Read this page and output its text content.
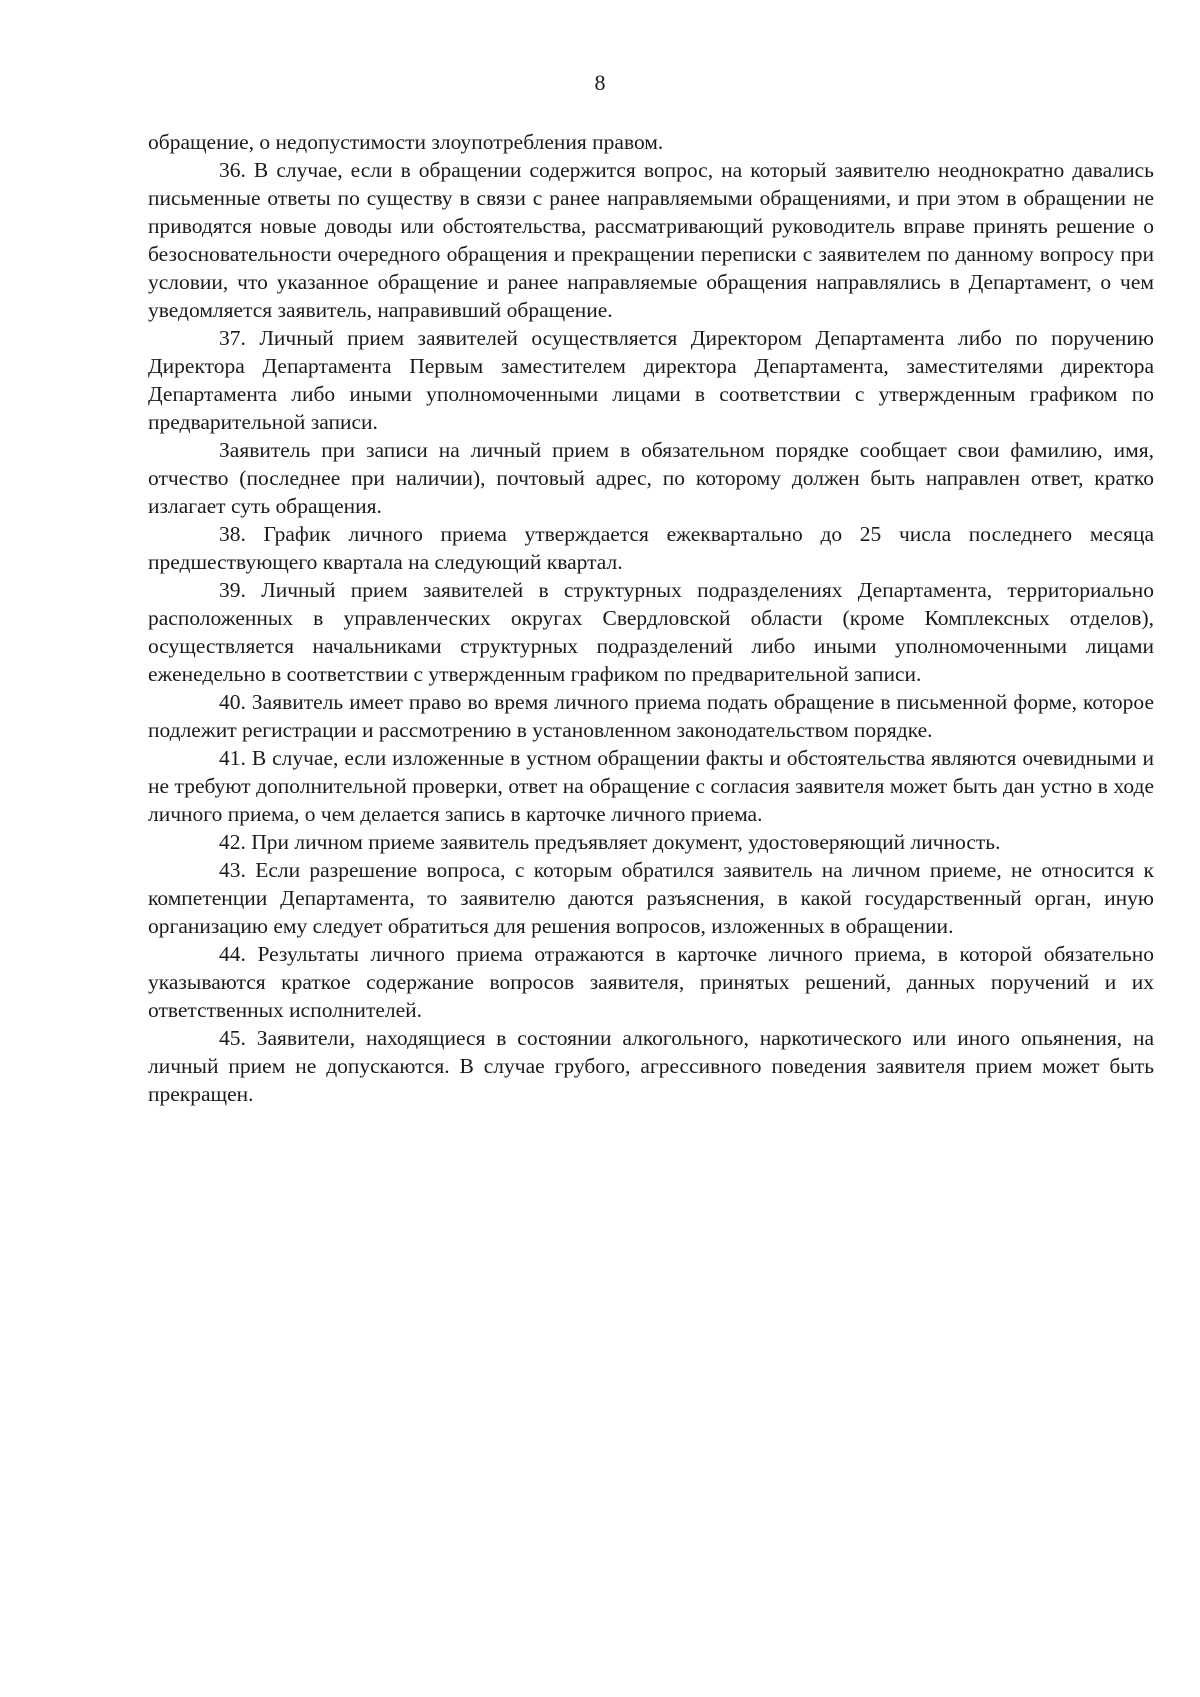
8

обращение, о недопустимости злоупотребления правом.

36. В случае, если в обращении содержится вопрос, на который заявителю неоднократно давались письменные ответы по существу в связи с ранее направляемыми обращениями, и при этом в обращении не приводятся новые доводы или обстоятельства, рассматривающий руководитель вправе принять решение о безосновательности очередного обращения и прекращении переписки с заявителем по данному вопросу при условии, что указанное обращение и ранее направляемые обращения направлялись в Департамент, о чем уведомляется заявитель, направивший обращение.

37. Личный прием заявителей осуществляется Директором Департамента либо по поручению Директора Департамента Первым заместителем директора Департамента, заместителями директора Департамента либо иными уполномоченными лицами в соответствии с утвержденным графиком по предварительной записи.

Заявитель при записи на личный прием в обязательном порядке сообщает свои фамилию, имя, отчество (последнее при наличии), почтовый адрес, по которому должен быть направлен ответ, кратко излагает суть обращения.

38. График личного приема утверждается ежеквартально до 25 числа последнего месяца предшествующего квартала на следующий квартал.

39. Личный прием заявителей в структурных подразделениях Департамента, территориально расположенных в управленческих округах Свердловской области (кроме Комплексных отделов), осуществляется начальниками структурных подразделений либо иными уполномоченными лицами еженедельно в соответствии с утвержденным графиком по предварительной записи.

40. Заявитель имеет право во время личного приема подать обращение в письменной форме, которое подлежит регистрации и рассмотрению в установленном законодательством порядке.

41. В случае, если изложенные в устном обращении факты и обстоятельства являются очевидными и не требуют дополнительной проверки, ответ на обращение с согласия заявителя может быть дан устно в ходе личного приема, о чем делается запись в карточке личного приема.

42. При личном приеме заявитель предъявляет документ, удостоверяющий личность.

43. Если разрешение вопроса, с которым обратился заявитель на личном приеме, не относится к компетенции Департамента, то заявителю даются разъяснения, в какой государственный орган, иную организацию ему следует обратиться для решения вопросов, изложенных в обращении.

44. Результаты личного приема отражаются в карточке личного приема, в которой обязательно указываются краткое содержание вопросов заявителя, принятых решений, данных поручений и их ответственных исполнителей.

45. Заявители, находящиеся в состоянии алкогольного, наркотического или иного опьянения, на личный прием не допускаются. В случае грубого, агрессивного поведения заявителя прием может быть прекращен.
